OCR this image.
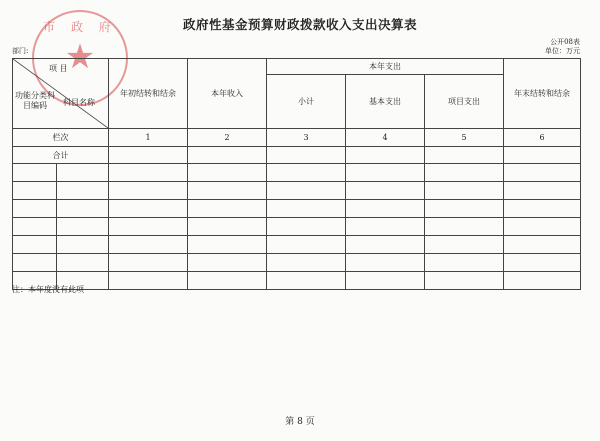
市 政 府
★
政府性基金预算财政拨款收入支出决算表
公开08表
部门:	单位：万元
项 目
功能分类科目编码 科目名称		年初结转和结余	本年收入	本年支出			年末结转和结余
				小计	基本支出	项目支出	

栏次		1	2	3	4	5	6
合计							

注：本年度没有此项
第 8 页
